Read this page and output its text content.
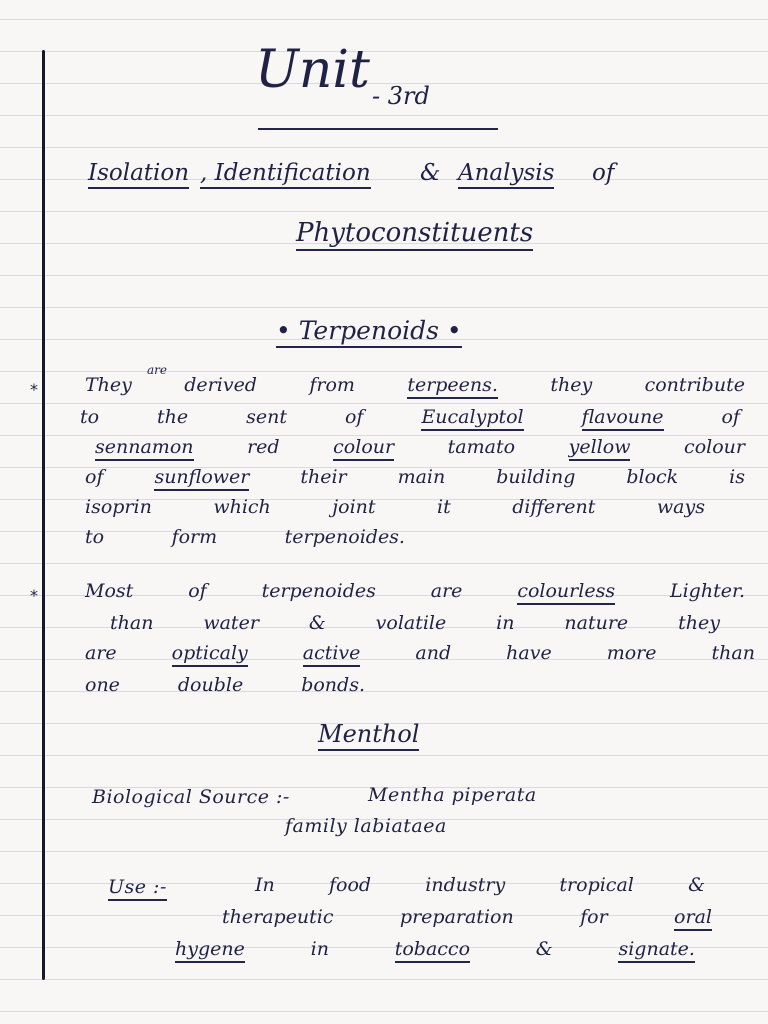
Unit - 3rd
Isolation , Identification & Analysis of
Phytoconstituents
• Terpenoids •
*
are
They	derived	from	terpeens.	they	contribute
to	the	sent	of	Eucalyptol	flavoune	of
sennamon	red	colour	tamato	yellow	colour
of	sunflower	their	main	building	block	is
isoprin	which	joint	it	different	ways
to	form	terpenoides.
* Most	of	terpenoides	are	colourless	Lighter.
than	water	&	volatile	in	nature	they
are	opticaly	active	and	have	more	than
one	double	bonds.
Menthol
Biological Source :-	Mentha piperata
family labiataea
Use :-	In	food	industry	tropical	&
therapeutic	preparation	for	oral
hygene	in	tobacco	&	signate.
